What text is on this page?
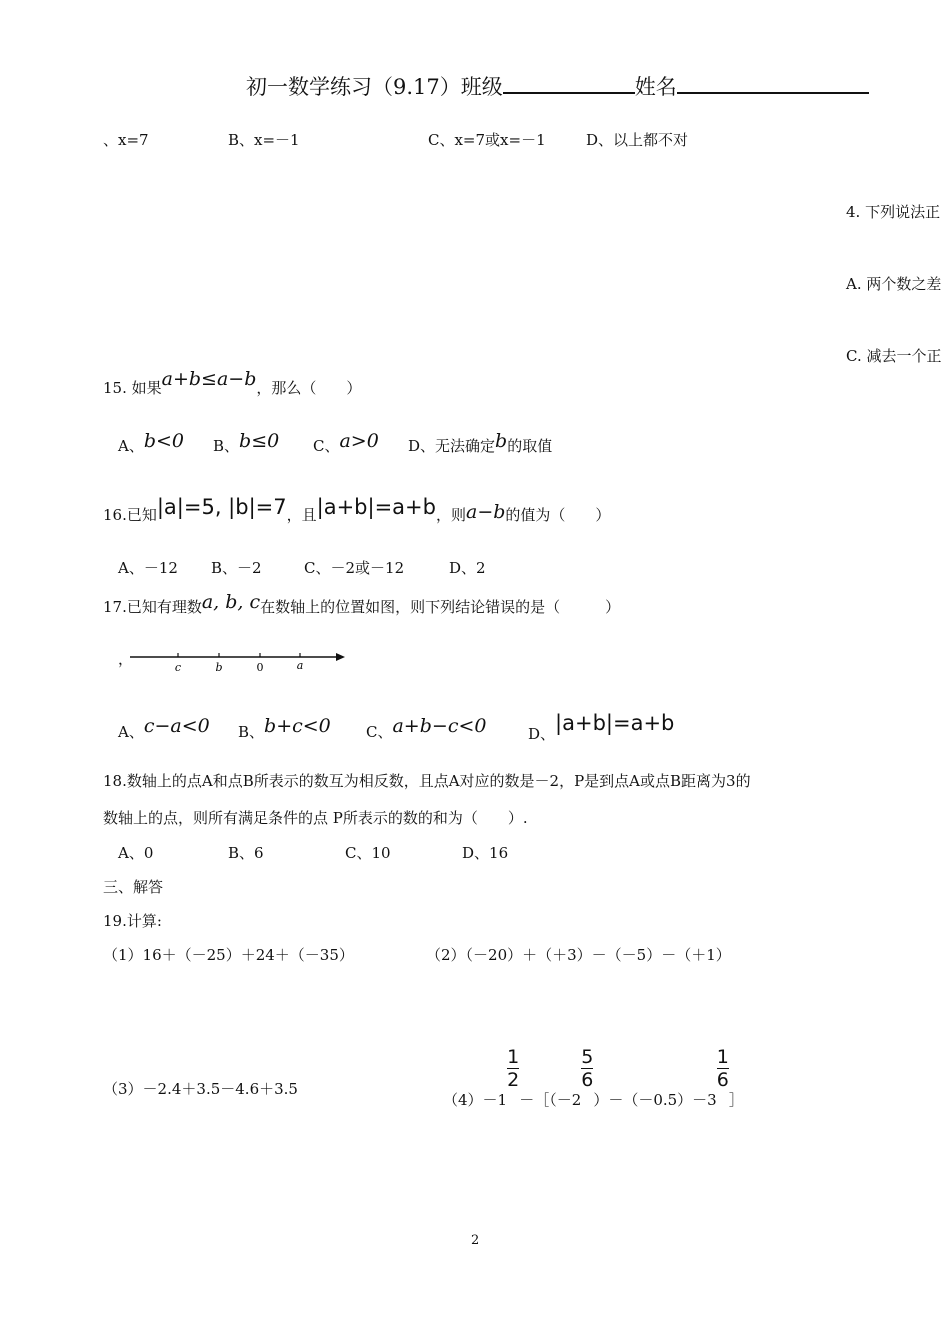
初一数学练习（9.17）班级	姓名
、x=7	B、x=－1	C、x=7或x=－1	D、以上都不对
4. 下列说法正
A. 两个数之差
C. 减去一个正
15. 如果a+b≤a−b，那么（　　）
A、b<0 B、b≤0 C、a>0 D、无法确定b的取值
16.已知|a|=5, |b|=7，且|a+b|=a+b，则a−b的值为（　　）
A、－12 B、－2	C、－2或－12	D、2
17.已知有理数a, b, c在数轴上的位置如图，则下列结论错误的是（　　　）
，	c	b	0	a
A、c−a<0 B、b+c<0 C、a+b−c<0	D、|a+b|=a+b
18.数轴上的点A和点B所表示的数互为相反数，且点A对应的数是－2，P是到点A或点B距离为3的
数轴上的点，则所有满足条件的点 P所表示的数的和为（　　）.
A、0	B、6	C、10	D、16
三、解答
19.计算:
（1）16＋（－25）＋24＋（－35）	（2）（－20）＋（＋3）－（－5）－（＋1）
（3）－2.4＋3.5－4.6＋3.5
（4）－1
$\frac{1}{2}$
－［（－2
$\frac{5}{6}$
）－（－0.5）－3
$\frac{1}{6}$
］
2
